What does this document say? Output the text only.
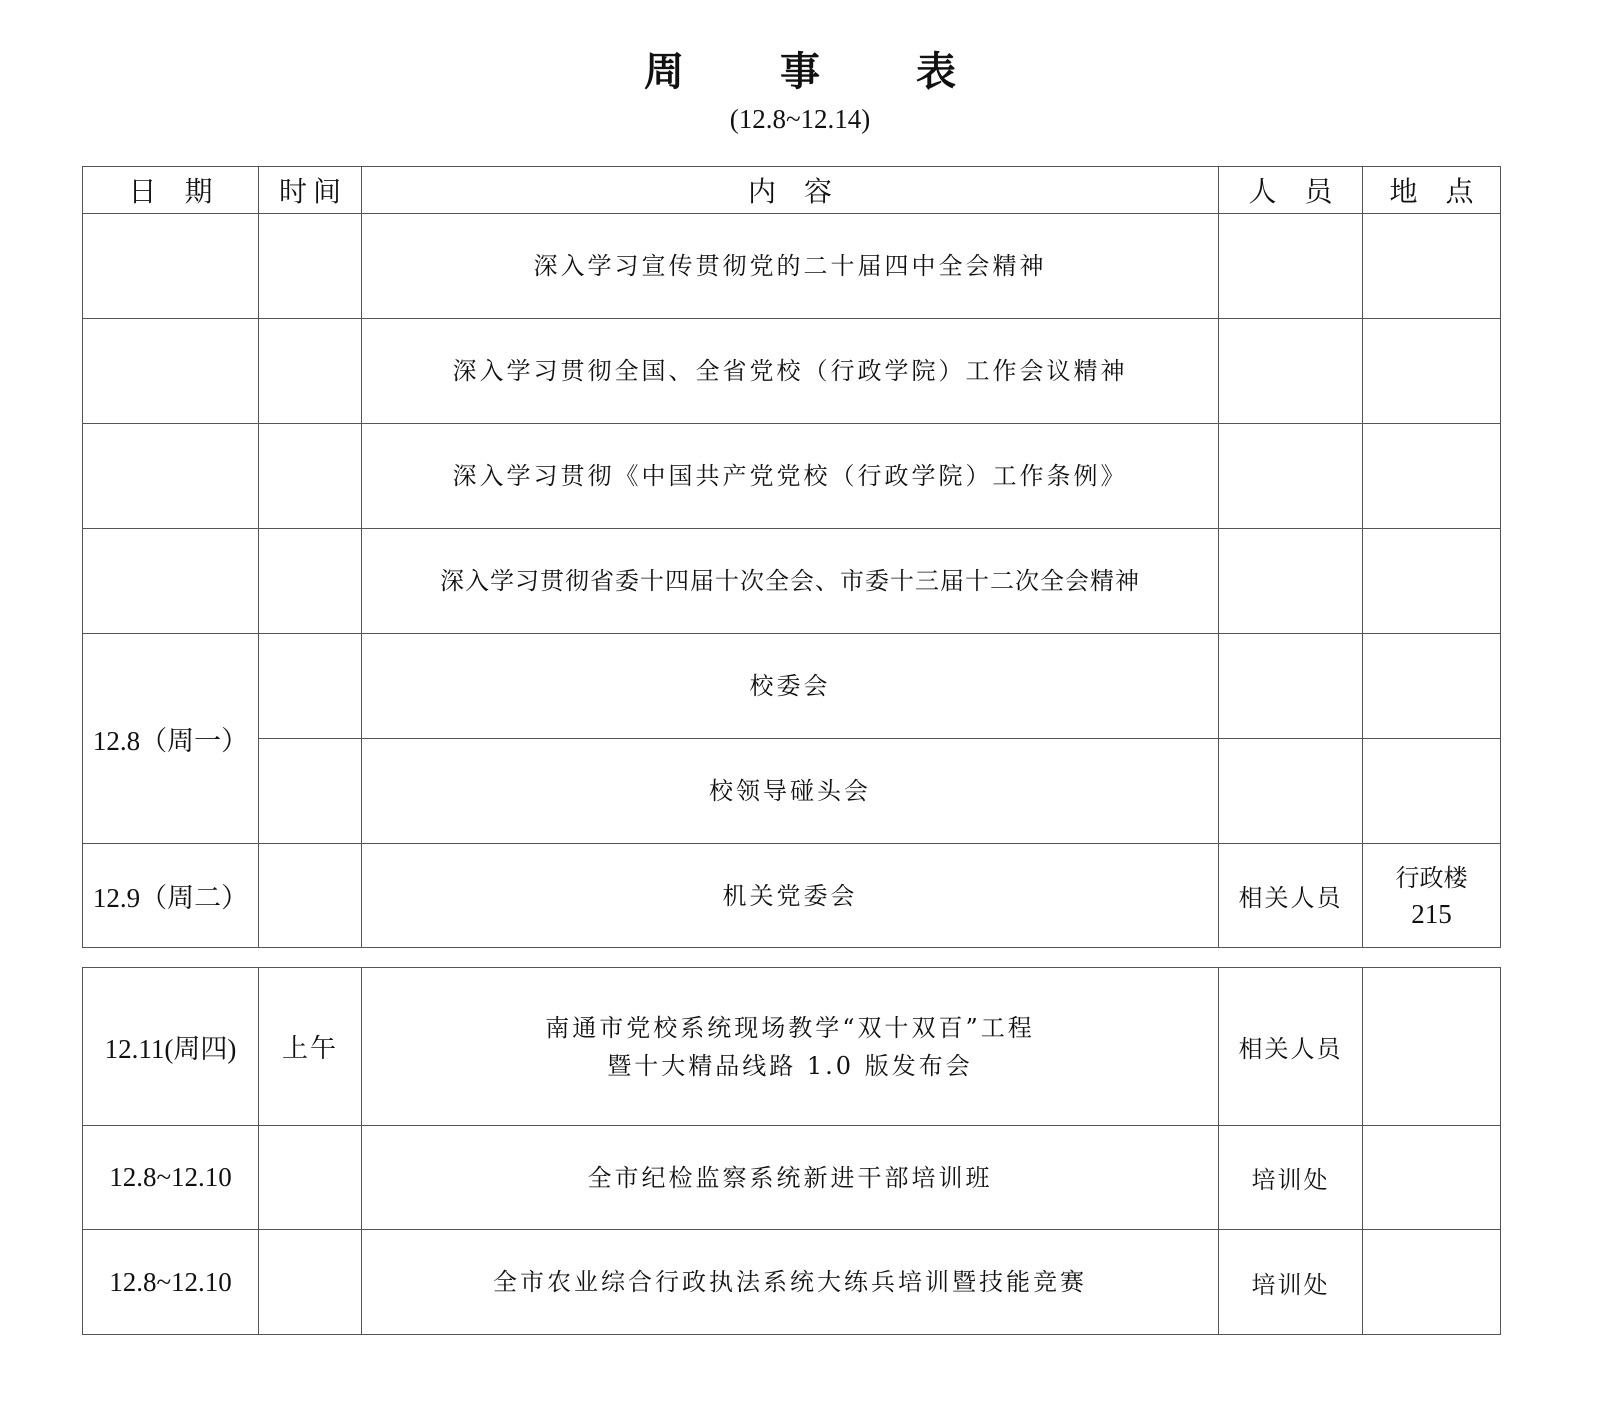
周 事 表
(12.8~12.14)
日 期	时 间	内 容	人 员	地 点
		深入学习宣传贯彻党的二十届四中全会精神		
		深入学习贯彻全国、全省党校（行政学院）工作会议精神		
		深入学习贯彻《中国共产党党校（行政学院）工作条例》		
		深入学习贯彻省委十四届十次全会、市委十三届十二次全会精神		
12.8（周一）		校委会		
		校领导碰头会		
12.9（周二）		机关党委会	相关人员	行政楼
215
12.11(周四)	上午	南通市党校系统现场教学“双十双百”工程
暨十大精品线路 1.0 版发布会	相关人员	
12.8~12.10		全市纪检监察系统新进干部培训班	培训处	
12.8~12.10		全市农业综合行政执法系统大练兵培训暨技能竞赛	培训处	
